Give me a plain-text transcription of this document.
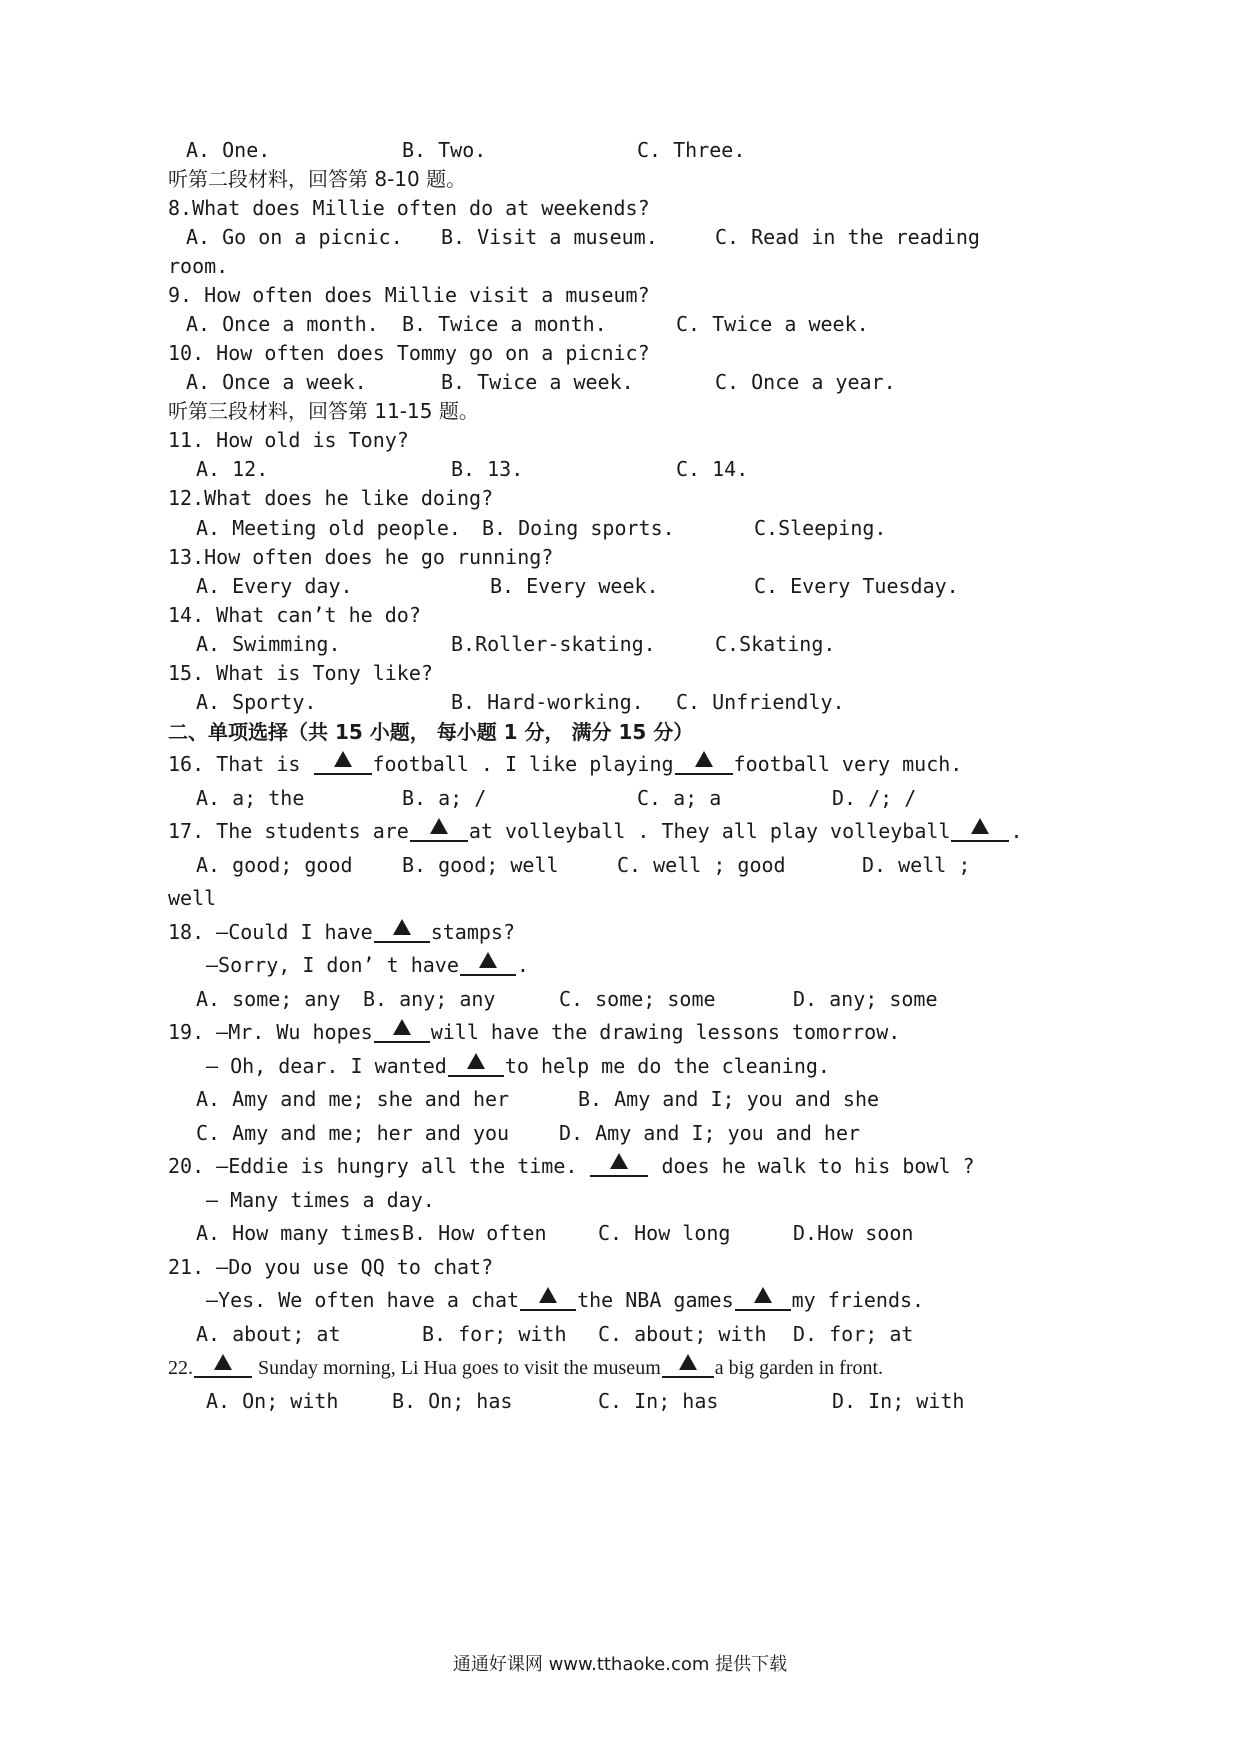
A. One.	B. Two.	C. Three.
听第二段材料，回答第 8-10 题。
8.What does Millie often do at weekends?
A. Go on a picnic. B. Visit a museum.	C. Read in the reading
room.
9. How often does Millie visit a museum?
A. Once a month. B. Twice a month.	C. Twice a week.
10. How often does Tommy go on a picnic?
A. Once a week.	B. Twice a week.	C. Once a year.
听第三段材料，回答第 11-15 题。
11. How old is Tony?
A. 12.	B. 13.	C. 14.
12.What does he like doing?
A. Meeting old people. B. Doing sports.	C.Sleeping.
13.How often does he go running?
A. Every day.	B. Every week.	C. Every Tuesday.
14. What can’t he do?
A. Swimming.	B.Roller-skating.	C.Skating.
15. What is Tony like?
A. Sporty.	B. Hard-working. C. Unfriendly.
二、单项选择（共 15 小题， 每小题 1 分， 满分 15 分）
16. That is	football . I like playing	football very much.
A. a; the	B. a; /	C. a; a	D. /; /
17. The students are	at volleyball . They all play volleyball	.
A. good; good B. good; well	C. well ; good	D. well ;
well
18. —Could I have	stamps?
—Sorry, I don’ t have	.
A. some; any B. any; any	C. some; some	D. any; some
19. —Mr. Wu hopes	will have the drawing lessons tomorrow.
— Oh, dear. I wanted	to help me do the cleaning.
A. Amy and me; she and her	B. Amy and I; you and she
C. Amy and me; her and you D. Amy and I; you and her
20. —Eddie is hungry all the time.	does he walk to his bowl ?
— Many times a day.
A. How many times B. How often	C. How long	D.How soon
21. —Do you use QQ to chat?
—Yes. We often have a chat	the NBA games	my friends.
A. about; at	B. for; with C. about; with D. for; at
22.	Sunday morning, Li Hua goes to visit the museum	a big garden in front.
A. On; with	B. On; has	C. In; has	D. In; with
通通好课网 www.tthaoke.com 提供下载
